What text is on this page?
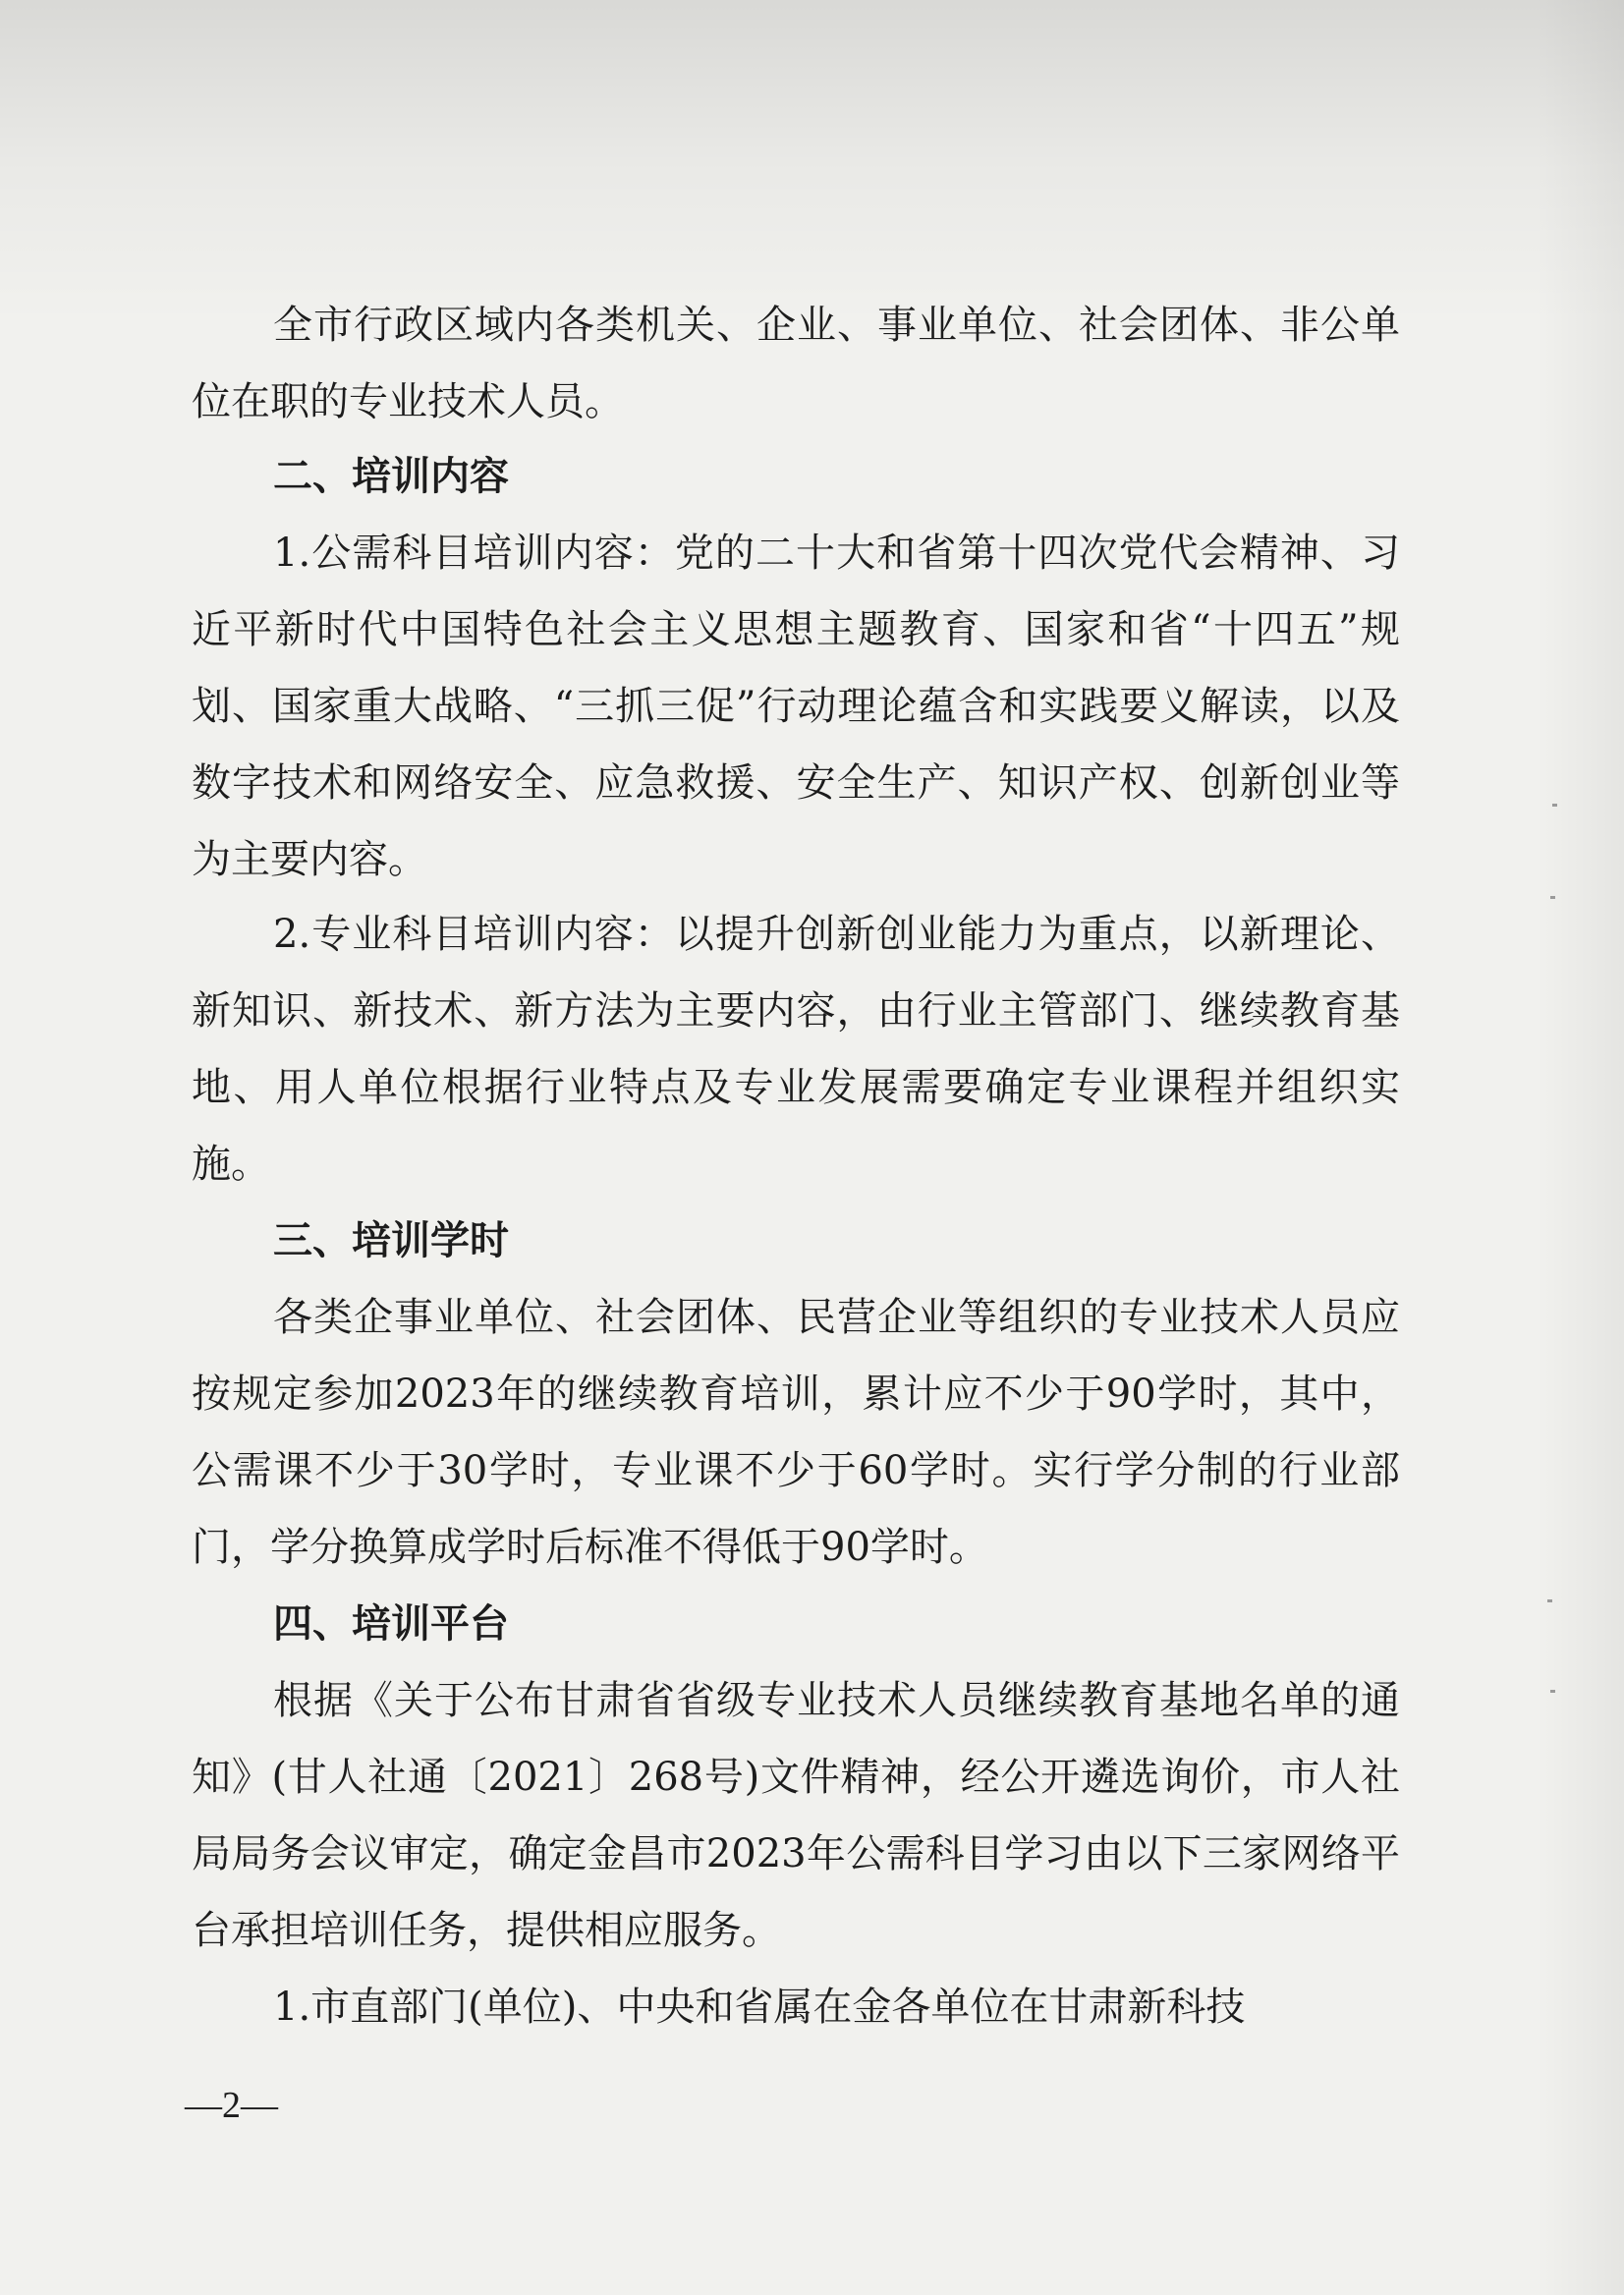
全市行政区域内各类机关、企业、事业单位、社会团体、非公单位在职的专业技术人员。

二、培训内容

1.公需科目培训内容：党的二十大和省第十四次党代会精神、习近平新时代中国特色社会主义思想主题教育、国家和省“十四五”规划、国家重大战略、“三抓三促”行动理论蕴含和实践要义解读，以及数字技术和网络安全、应急救援、安全生产、知识产权、创新创业等为主要内容。

2.专业科目培训内容：以提升创新创业能力为重点，以新理论、新知识、新技术、新方法为主要内容，由行业主管部门、继续教育基地、用人单位根据行业特点及专业发展需要确定专业课程并组织实施。

三、培训学时

各类企事业单位、社会团体、民营企业等组织的专业技术人员应按规定参加2023年的继续教育培训，累计应不少于90学时，其中，公需课不少于30学时，专业课不少于60学时。实行学分制的行业部门，学分换算成学时后标准不得低于90学时。

四、培训平台

根据《关于公布甘肃省省级专业技术人员继续教育基地名单的通知》(甘人社通〔2021〕268号)文件精神，经公开遴选询价，市人社局局务会议审定，确定金昌市2023年公需科目学习由以下三家网络平台承担培训任务，提供相应服务。

1.市直部门(单位)、中央和省属在金各单位在甘肃新科技

—2—
